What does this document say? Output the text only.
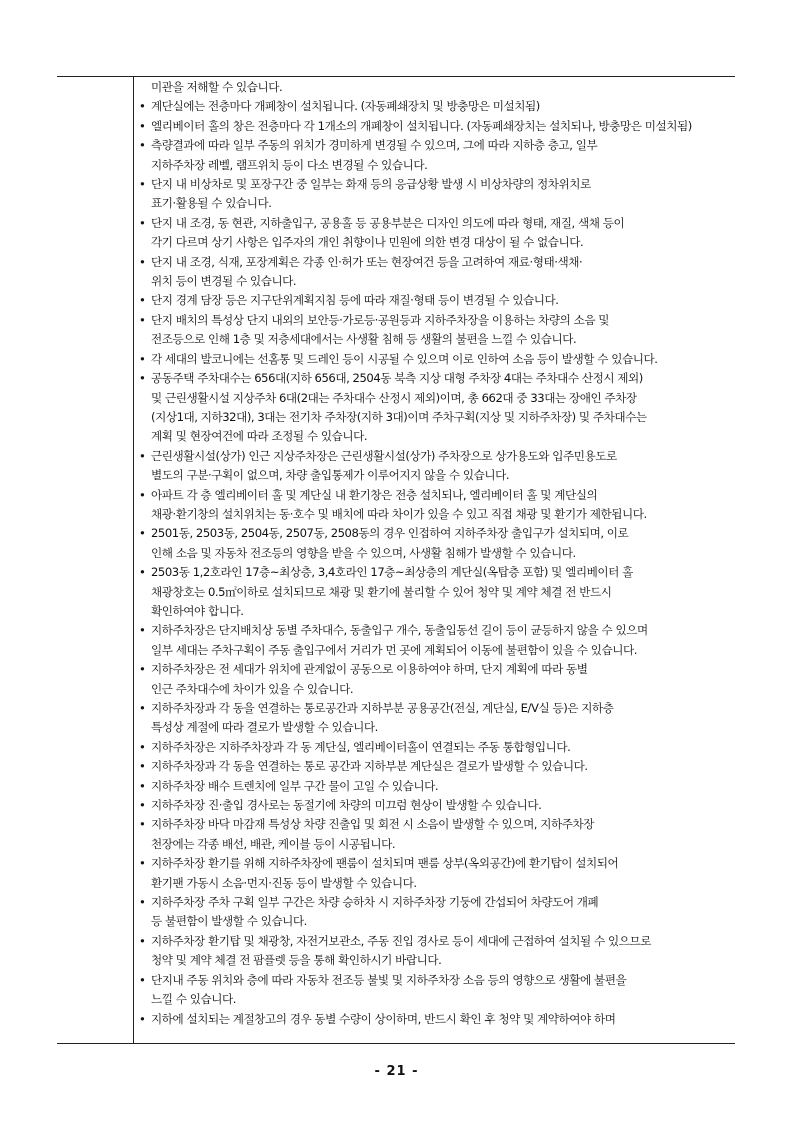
미관을 저해할 수 있습니다.
• 계단실에는 전층마다 개폐창이 설치됩니다. (자동폐쇄장치 및 방충망은 미설치됨)
• 엘리베이터 홀의 창은 전층마다 각 1개소의 개폐창이 설치됩니다. (자동폐쇄장치는 설치되나, 방충망은 미설치됨)
• 측량결과에 따라 일부 주동의 위치가 경미하게 변경될 수 있으며, 그에 따라 지하층 층고, 일부
지하주차장 레벨, 램프위치 등이 다소 변경될 수 있습니다.
• 단지 내 비상차로 및 포장구간 중 일부는 화재 등의 응급상황 발생 시 비상차량의 정차위치로
표기·활용될 수 있습니다.
• 단지 내 조경, 동 현관, 지하출입구, 공용홀 등 공용부분은 디자인 의도에 따라 형태, 재질, 색채 등이
각기 다르며 상기 사항은 입주자의 개인 취향이나 민원에 의한 변경 대상이 될 수 없습니다.
• 단지 내 조경, 식재, 포장계획은 각종 인·허가 또는 현장여건 등을 고려하여 재료·형태·색채·
위치 등이 변경될 수 있습니다.
• 단지 경계 담장 등은 지구단위계획지침 등에 따라 재질·형태 등이 변경될 수 있습니다.
• 단지 배치의 특성상 단지 내외의 보안등·가로등·공원등과 지하주차장을 이용하는 차량의 소음 및
전조등으로 인해 1층 및 저층세대에서는 사생활 침해 등 생활의 불편을 느낄 수 있습니다.
• 각 세대의 발코니에는 선홈통 및 드레인 등이 시공될 수 있으며 이로 인하여 소음 등이 발생할 수 있습니다.
• 공동주택 주차대수는 656대(지하 656대, 2504동 북측 지상 대형 주차장 4대는 주차대수 산정시 제외)
및 근린생활시설 지상주차 6대(2대는 주차대수 산정시 제외)이며, 총 662대 중 33대는 장애인 주차장
(지상1대, 지하32대), 3대는 전기차 주차장(지하 3대)이며 주차구획(지상 및 지하주차장) 및 주차대수는
계획 및 현장여건에 따라 조정될 수 있습니다.
• 근린생활시설(상가) 인근 지상주차장은 근린생활시설(상가) 주차장으로 상가용도와 입주민용도로
별도의 구분·구획이 없으며, 차량 출입통제가 이루어지지 않을 수 있습니다.
• 아파트 각 층 엘리베이터 홀 및 계단실 내 환기창은 전층 설치되나, 엘리베이터 홀 및 계단실의
채광·환기창의 설치위치는 동·호수 및 배치에 따라 차이가 있을 수 있고 직접 채광 및 환기가 제한됩니다.
• 2501동, 2503동, 2504동, 2507동, 2508동의 경우 인접하여 지하주차장 출입구가 설치되며, 이로
인해 소음 및 자동차 전조등의 영향을 받을 수 있으며, 사생활 침해가 발생할 수 있습니다.
• 2503동 1,2호라인 17층~최상층, 3,4호라인 17층~최상층의 계단실(옥탑층 포함) 및 엘리베이터 홀
채광창호는 0.5㎡이하로 설치되므로 채광 및 환기에 불리할 수 있어 청약 및 계약 체결 전 반드시
확인하여야 합니다.
• 지하주차장은 단지배치상 동별 주차대수, 동출입구 개수, 동출입동선 길이 등이 균등하지 않을 수 있으며
일부 세대는 주차구획이 주동 출입구에서 거리가 먼 곳에 계획되어 이동에 불편함이 있을 수 있습니다.
• 지하주차장은 전 세대가 위치에 관계없이 공동으로 이용하여야 하며, 단지 계획에 따라 동별
인근 주차대수에 차이가 있을 수 있습니다.
• 지하주차장과 각 동을 연결하는 통로공간과 지하부분 공용공간(전실, 계단실, E/V실 등)은 지하층
특성상 계절에 따라 결로가 발생할 수 있습니다.
• 지하주차장은 지하주차장과 각 동 계단실, 엘리베이터홀이 연결되는 주동 통합형입니다.
• 지하주차장과 각 동을 연결하는 통로 공간과 지하부분 계단실은 결로가 발생할 수 있습니다.
• 지하주차장 배수 트렌치에 일부 구간 물이 고일 수 있습니다.
• 지하주차장 진·출입 경사로는 동절기에 차량의 미끄럼 현상이 발생할 수 있습니다.
• 지하주차장 바닥 마감재 특성상 차량 진출입 및 회전 시 소음이 발생할 수 있으며, 지하주차장
천장에는 각종 배선, 배관, 케이블 등이 시공됩니다.
• 지하주차장 환기를 위해 지하주차장에 팬룸이 설치되며 팬룸 상부(옥외공간)에 환기탑이 설치되어
환기팬 가동시 소음·먼지·진동 등이 발생할 수 있습니다.
• 지하주차장 주차 구획 일부 구간은 차량 승하차 시 지하주차장 기둥에 간섭되어 차량도어 개폐
등 불편함이 발생할 수 있습니다.
• 지하주차장 환기탑 및 채광창, 자전거보관소, 주동 진입 경사로 등이 세대에 근접하여 설치될 수 있으므로
청약 및 계약 체결 전 팜플렛 등을 통해 확인하시기 바랍니다.
• 단지내 주동 위치와 층에 따라 자동차 전조등 불빛 및 지하주차장 소음 등의 영향으로 생활에 불편을
느낄 수 있습니다.
• 지하에 설치되는 계절창고의 경우 동별 수량이 상이하며, 반드시 확인 후 청약 및 계약하여야 하며
- 21 -
